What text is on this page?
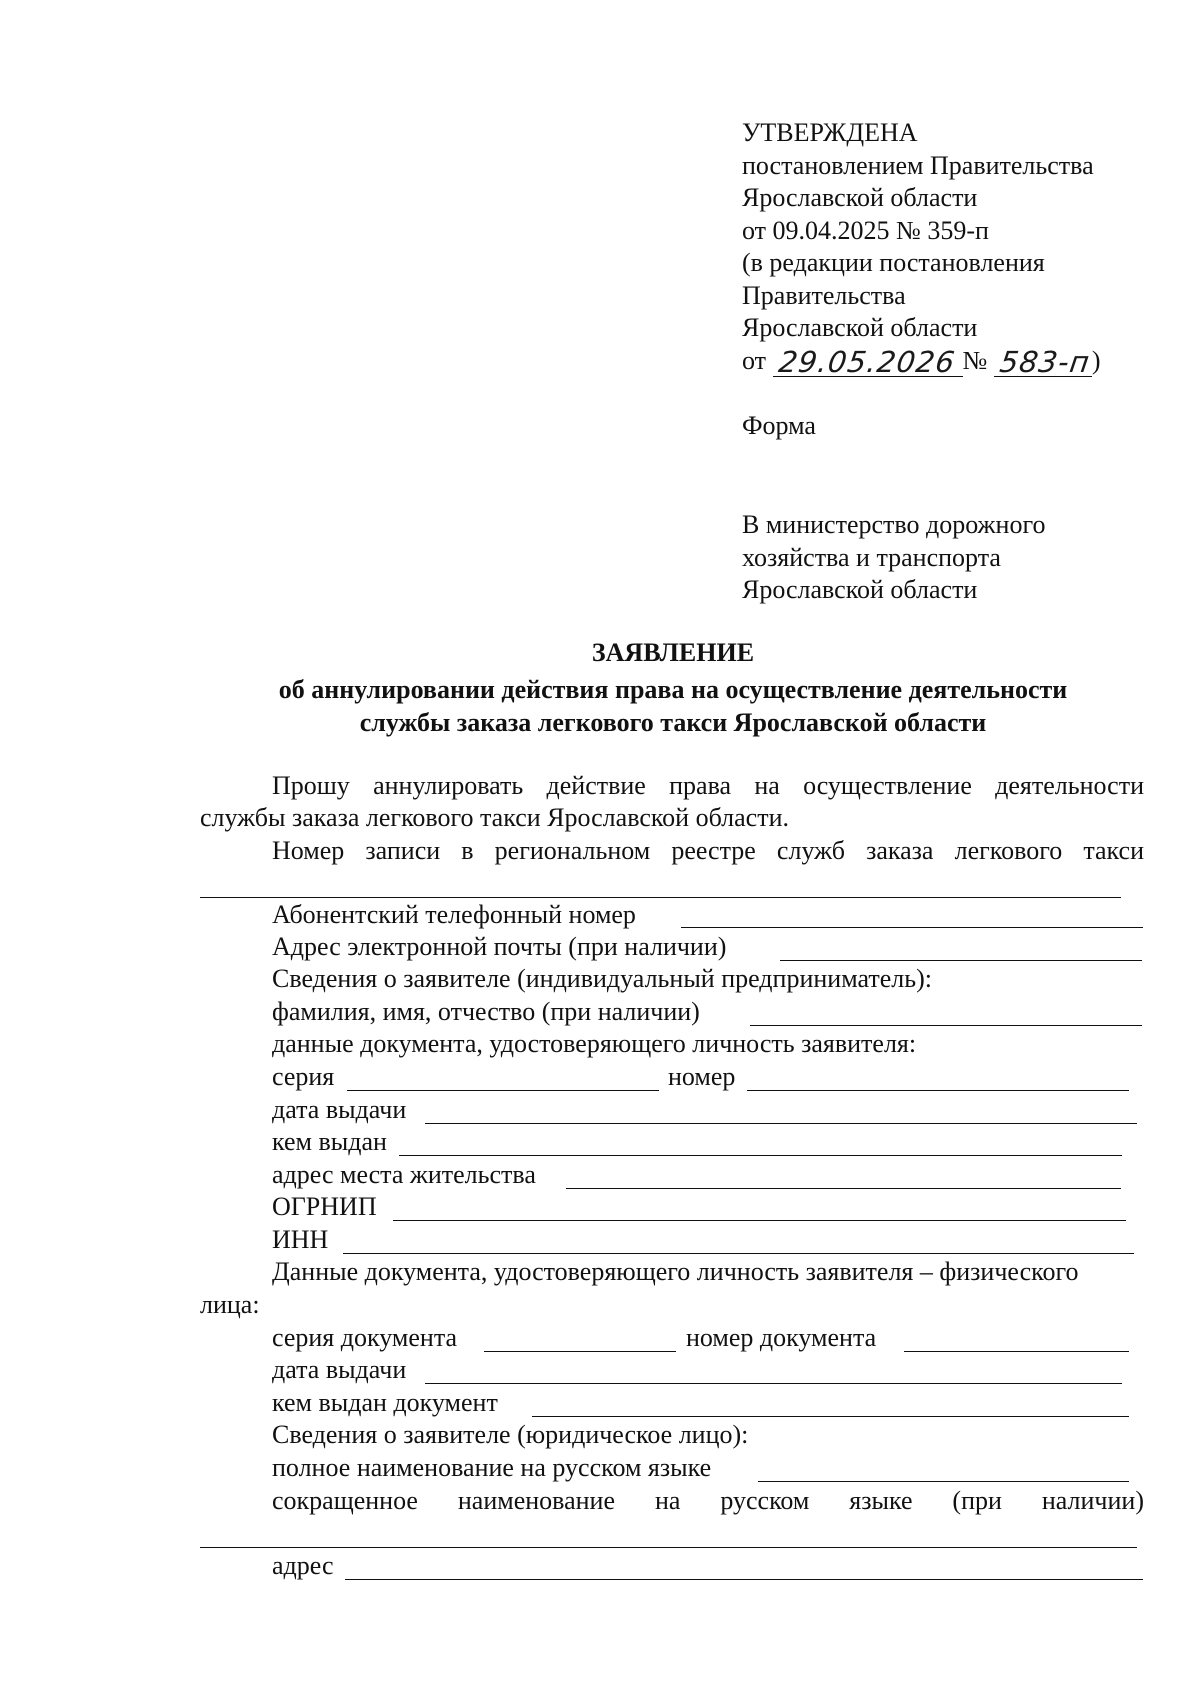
УТВЕРЖДЕНА
постановлением Правительства
Ярославской области
от 09.04.2025 № 359-п
(в редакции постановления
Правительства
Ярославской области
от 29.05.2026 № 583-п )
Форма
В министерство дорожного
хозяйства и транспорта
Ярославской области
ЗАЯВЛЕНИЕ
об аннулировании действия права на осуществление деятельности
службы заказа легкового такси Ярославской области
Прошу аннулировать действие права на осуществление деятельности
службы заказа легкового такси Ярославской области.
Номер записи в региональном реестре служб заказа легкового такси
Абонентский телефонный номер
Адрес электронной почты (при наличии)
Сведения о заявителе (индивидуальный предприниматель):
фамилия, имя, отчество (при наличии)
данные документа, удостоверяющего личность заявителя:
серия	номер
дата выдачи
кем выдан
адрес места жительства
ОГРНИП
ИНН
Данные документа, удостоверяющего личность заявителя – физического
лица:
серия документа	номер документа
дата выдачи
кем выдан документ
Сведения о заявителе (юридическое лицо):
полное наименование на русском языке
сокращенное наименование на русском языке (при наличии)
адрес
